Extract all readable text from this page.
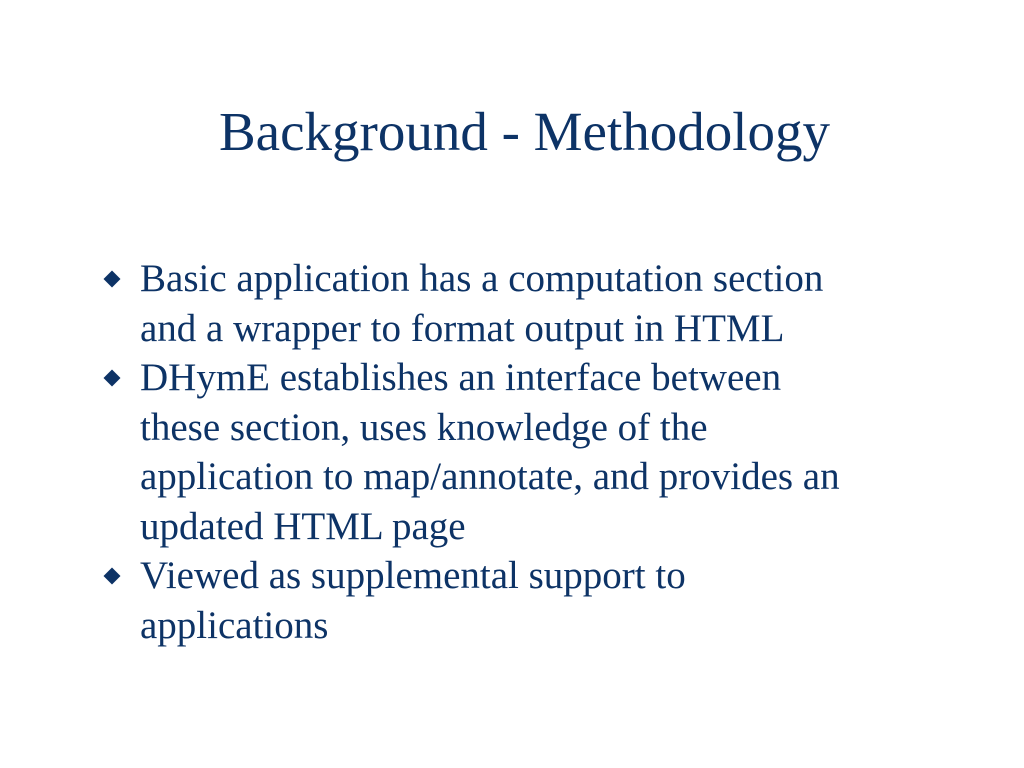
Background - Methodology
Basic application has a computation section
and a wrapper to format output in HTML
DHymE establishes an interface between
these section, uses knowledge of the
application to map/annotate, and provides an
updated HTML page
Viewed as supplemental support to
applications
